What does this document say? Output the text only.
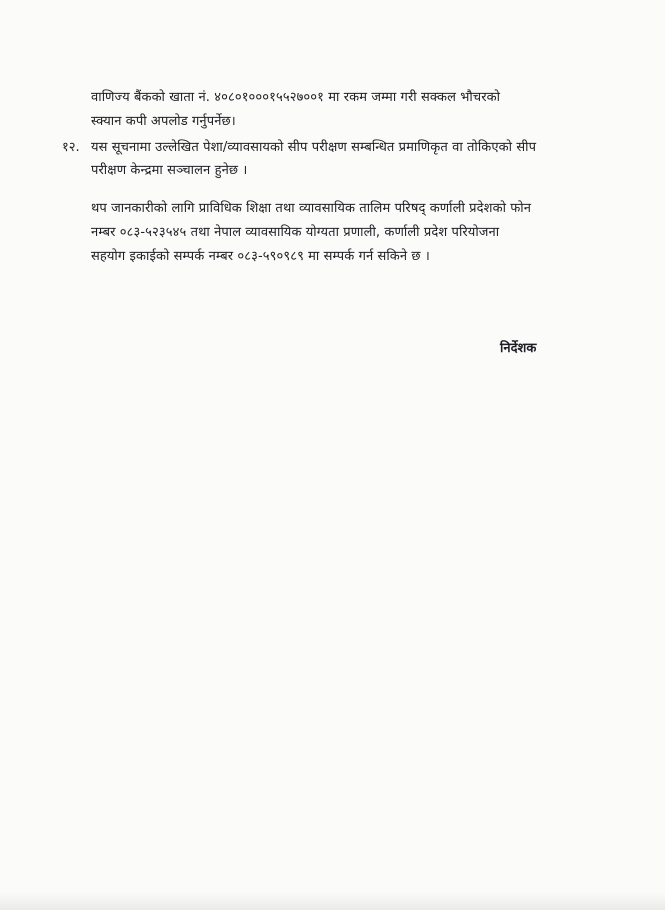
वाणिज्य बैंकको खाता नं. ४०८०१०००१५५२७००१ मा रकम जम्मा गरी सक्कल भौचरको
स्क्यान कपी अपलोड गर्नुपर्नेछ।
१२. यस सूचनामा उल्लेखित पेशा/व्यावसायको सीप परीक्षण सम्बन्धित प्रमाणिकृत वा तोकिएको सीप
परीक्षण केन्द्रमा सञ्चालन हुनेछ ।
थप जानकारीको लागि प्राविधिक शिक्षा तथा व्यावसायिक तालिम परिषद्‌ कर्णाली प्रदेशको फोन
नम्बर ०८३-५२३५४५ तथा नेपाल व्यावसायिक योग्यता प्रणाली, कर्णाली प्रदेश परियोजना
सहयोग इकाईको सम्पर्क नम्बर ०८३-५९०९८९ मा सम्पर्क गर्न सकिने छ ।
निर्देशक
